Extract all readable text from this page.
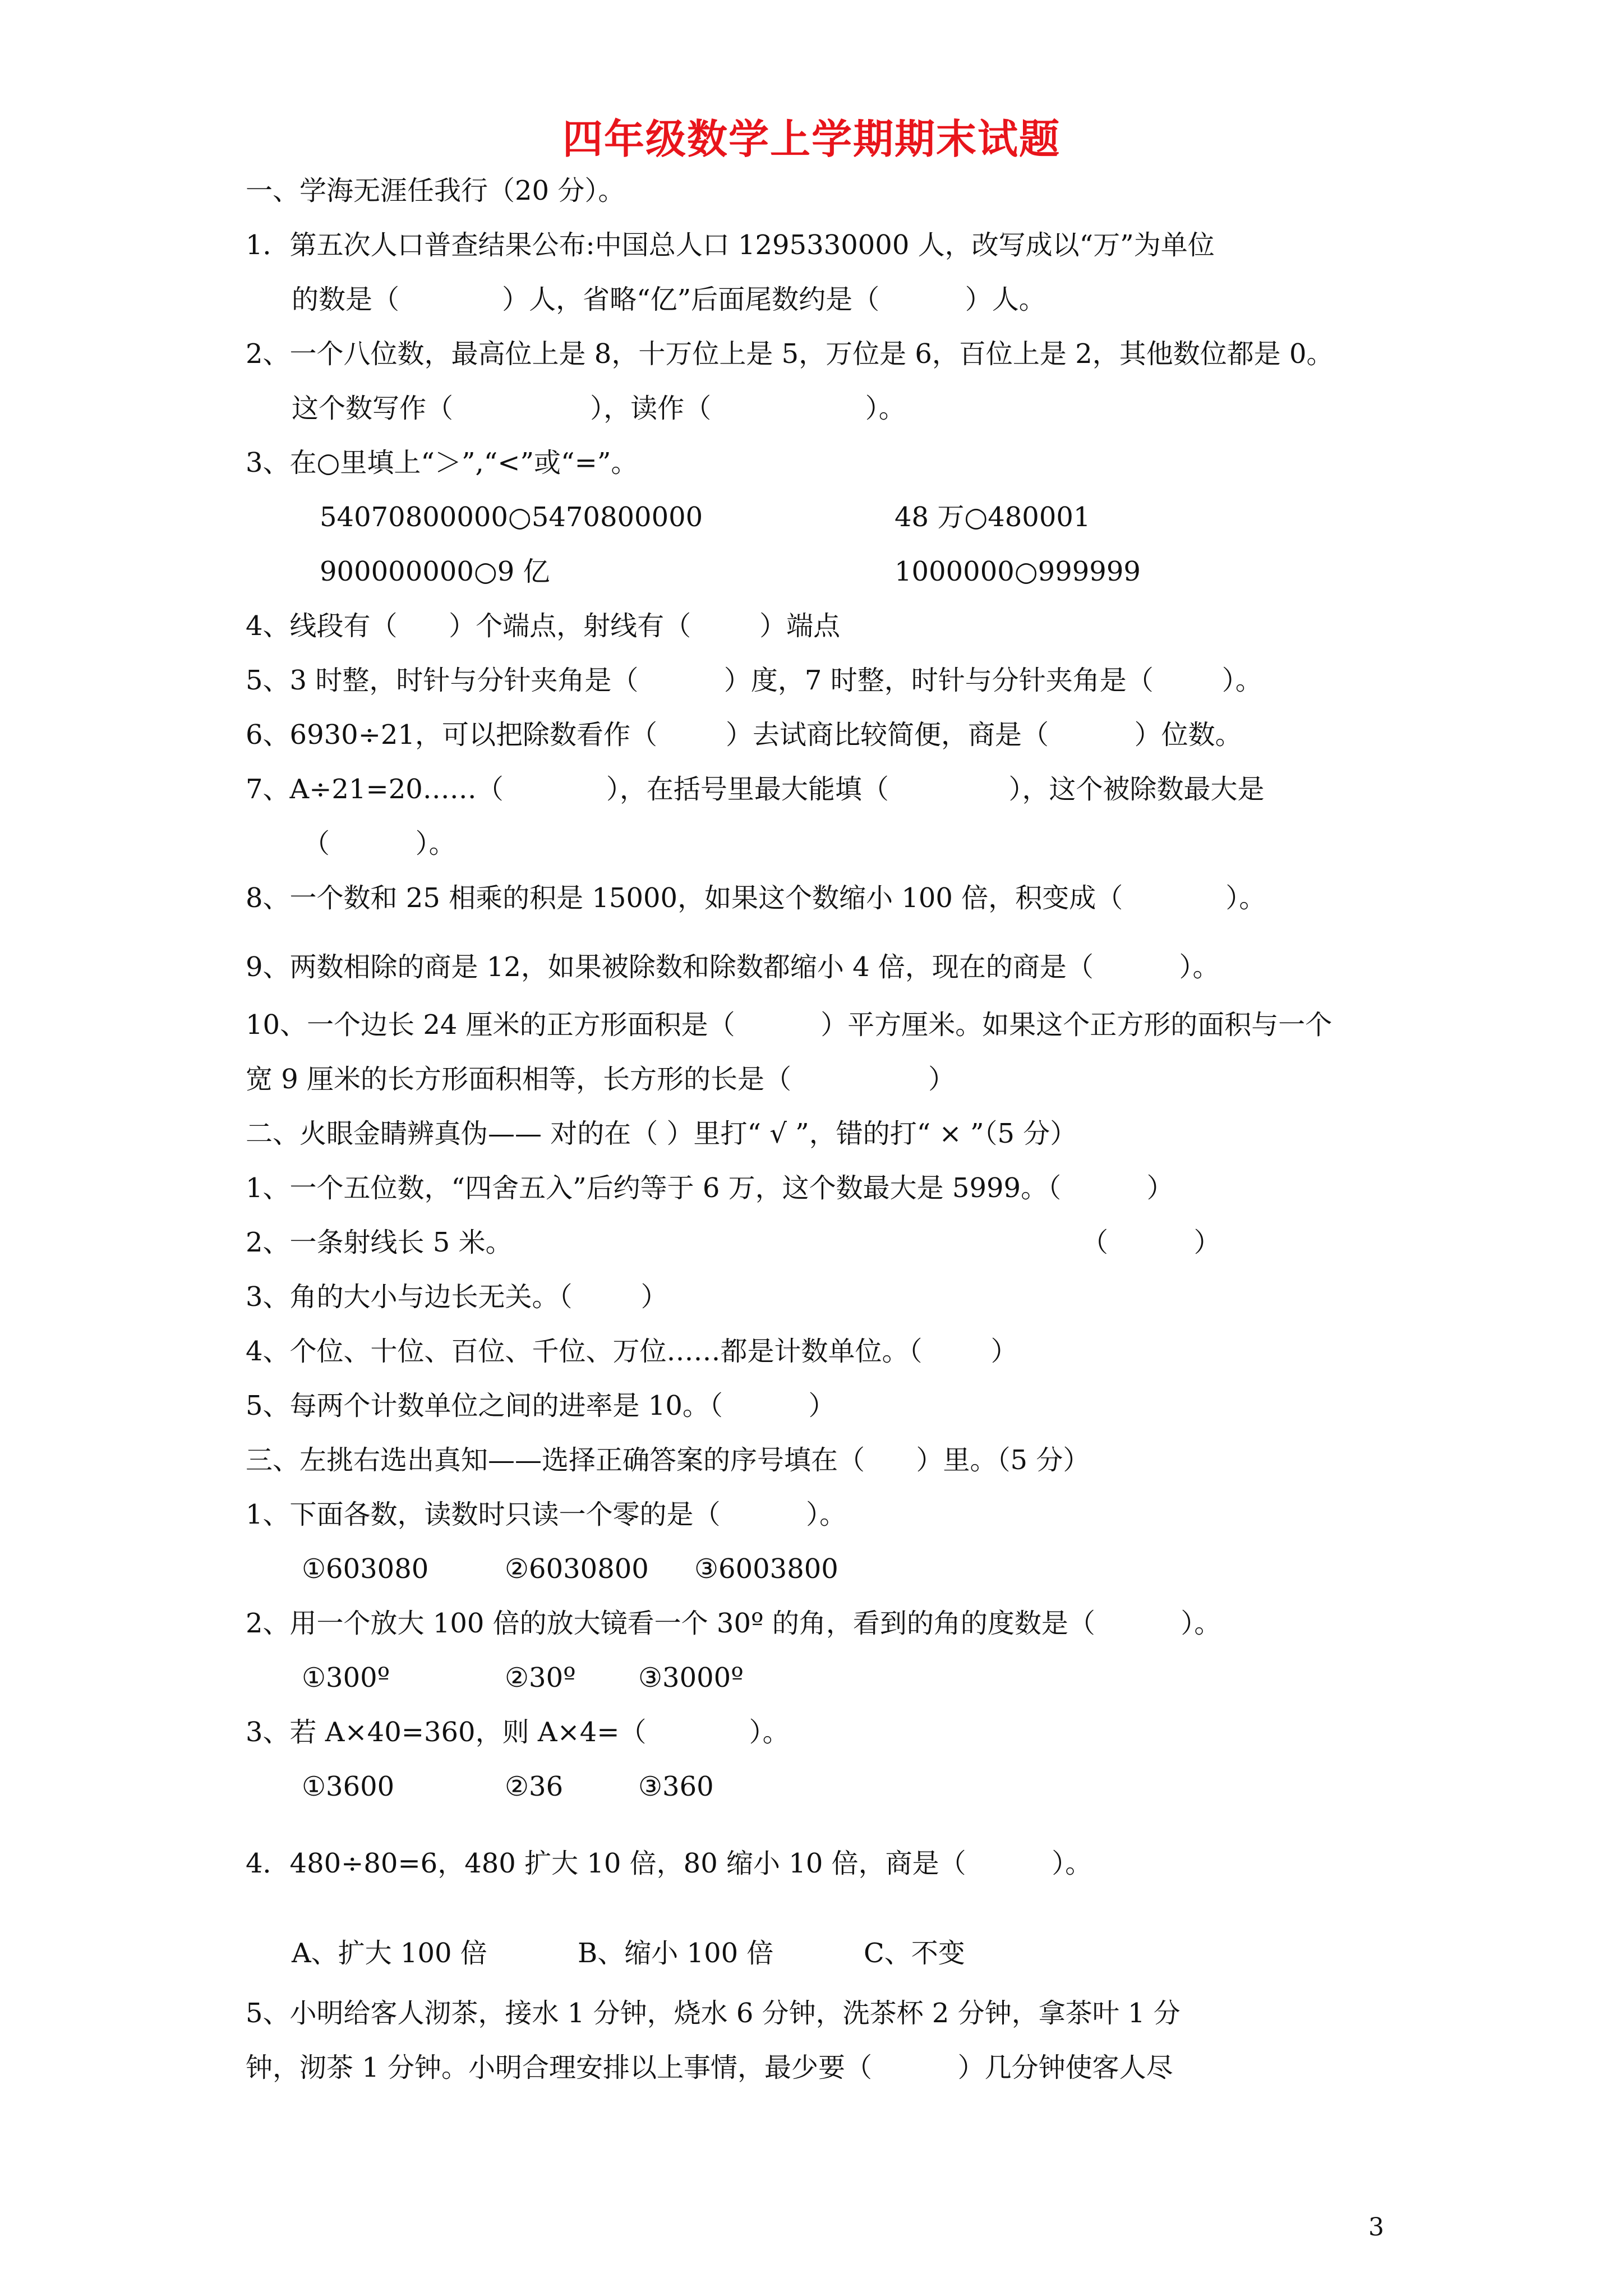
四年级数学上学期期末试题
一、学海无涯任我行（20 分）。
1．第五次人口普查结果公布:中国总人口 1295330000 人，改写成以“万”为单位
的数是（            ）人，省略“亿”后面尾数约是（          ）人。
2、一个八位数，最高位上是 8，十万位上是 5，万位是 6，百位上是 2，其他数位都是 0。
这个数写作（                ），读作（                  ）。
3、在○里填上“＞”,“<”或“=”。
54070800000○5470800000	48 万○480001
900000000○9 亿	1000000○999999
4、线段有（      ）个端点，射线有（        ）端点
5、3 时整，时针与分针夹角是（          ）度，7 时整，时针与分针夹角是（        ）。
6、6930÷21，可以把除数看作（        ）去试商比较简便，商是（          ）位数。
7、A÷21=20……（            ），在括号里最大能填（              ），这个被除数最大是
（          ）。
8、一个数和 25 相乘的积是 15000，如果这个数缩小 100 倍，积变成（            ）。
9、两数相除的商是 12，如果被除数和除数都缩小 4 倍，现在的商是（          ）。
10、一个边长 24 厘米的正方形面积是（          ）平方厘米。如果这个正方形的面积与一个
宽 9 厘米的长方形面积相等，长方形的长是（                ）
二、火眼金睛辨真伪—— 对的在（ ）里打“ √ ”，错的打“ × ”（5 分）
1、一个五位数，“四舍五入”后约等于 6 万，这个数最大是 5999。（          ）
2、一条射线长 5 米。	（          ）
3、角的大小与边长无关。（        ）
4、个位、十位、百位、千位、万位……都是计数单位。（        ）
5、每两个计数单位之间的进率是 10。（          ）
三、左挑右选出真知——选择正确答案的序号填在（      ）里。（5 分）
1、下面各数，读数时只读一个零的是（          ）。
①603080	②6030800 ③6003800
2、用一个放大 100 倍的放大镜看一个 30º 的角，看到的角的度数是（          ）。
①300º	②30º ③3000º
3、若 A×40=360，则 A×4=（            ）。
①3600	②36	③360
4．480÷80=6，480 扩大 10 倍，80 缩小 10 倍，商是（          ）。
A、扩大 100 倍	B、缩小 100 倍	C、不变
5、小明给客人沏茶，接水 1 分钟，烧水 6 分钟，洗茶杯 2 分钟，拿茶叶 1 分
钟，沏茶 1 分钟。小明合理安排以上事情，最少要（          ）几分钟使客人尽
3
